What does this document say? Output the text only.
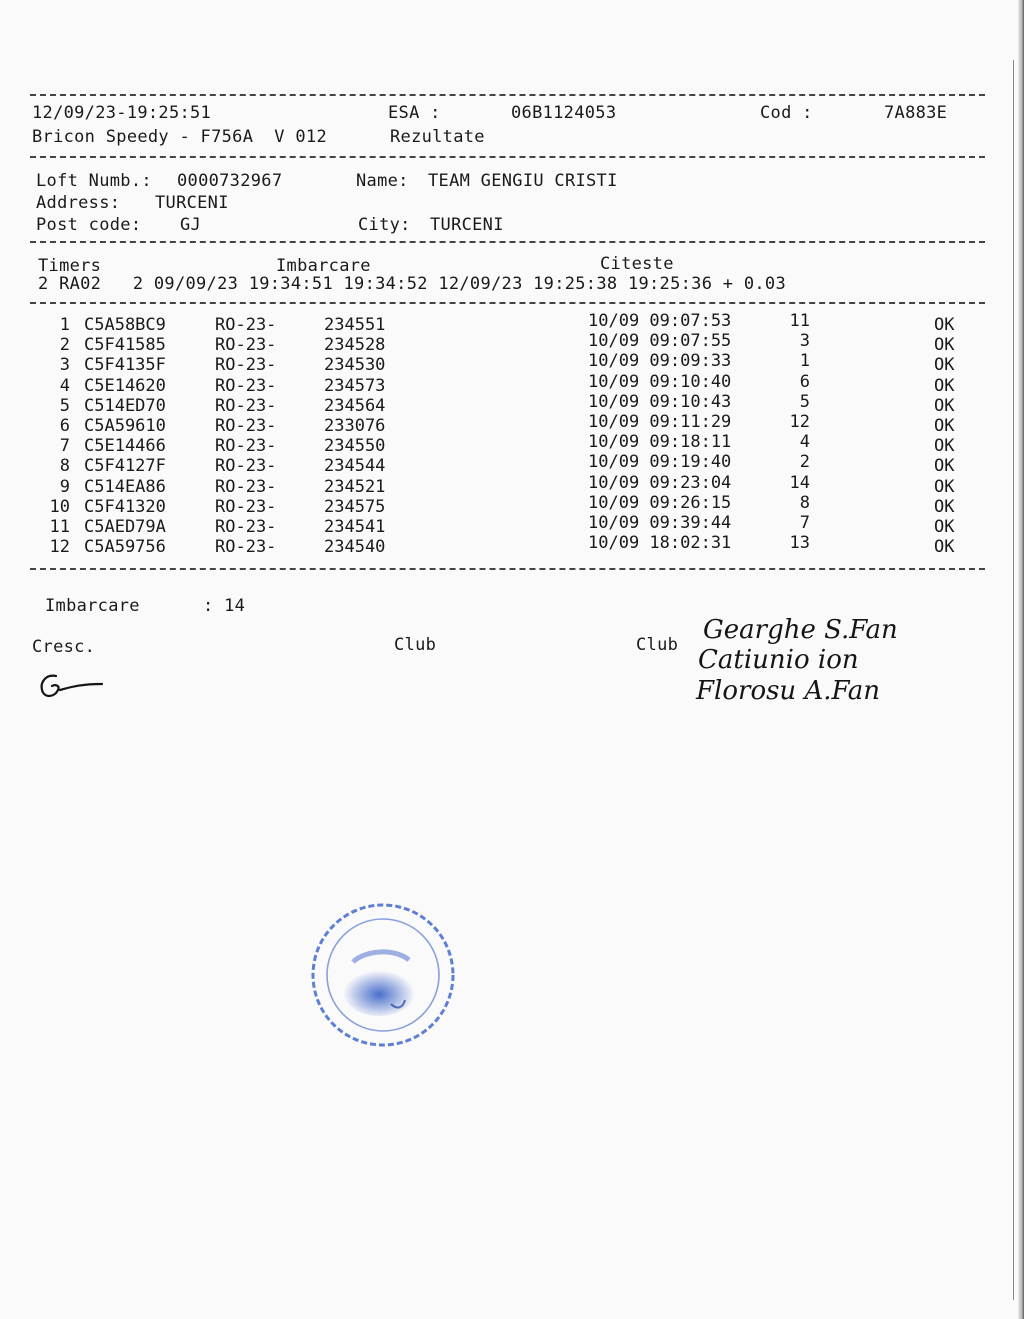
12/09/23-19:25:51	ESA :	06B1124053	Cod :	7A883E
Bricon Speedy - F756A  V 012	Rezultate
Loft Numb.: 0000732967	Name: TEAM GENGIU CRISTI
Address: TURCENI
Post code: GJ	City: TURCENI
Timers	Imbarcare	Citeste
2 RA02   2 09/09/23 19:34:51 19:34:52 12/09/23 19:25:38 19:25:36 + 0.03
1 C5A58BC9	RO-23-	234551	10/09 09:07:53	11	OK
2 C5F41585	RO-23-	234528	10/09 09:07:55	3	OK
3 C5F4135F	RO-23-	234530	10/09 09:09:33	1	OK
4 C5E14620	RO-23-	234573	10/09 09:10:40	6	OK
5 C514ED70	RO-23-	234564	10/09 09:10:43	5	OK
6 C5A59610	RO-23-	233076	10/09 09:11:29	12	OK
7 C5E14466	RO-23-	234550	10/09 09:18:11	4	OK
8 C5F4127F	RO-23-	234544	10/09 09:19:40	2	OK
9 C514EA86	RO-23-	234521	10/09 09:23:04	14	OK
10 C5F41320	RO-23-	234575	10/09 09:26:15	8	OK
11 C5AED79A	RO-23-	234541	10/09 09:39:44	7	OK
12 C5A59756	RO-23-	234540	10/09 18:02:31	13	OK
Imbarcare	: 14
Cresc.	Club	Club Gearghe S.Fan
Catiunio ion
Florosu A.Fan
